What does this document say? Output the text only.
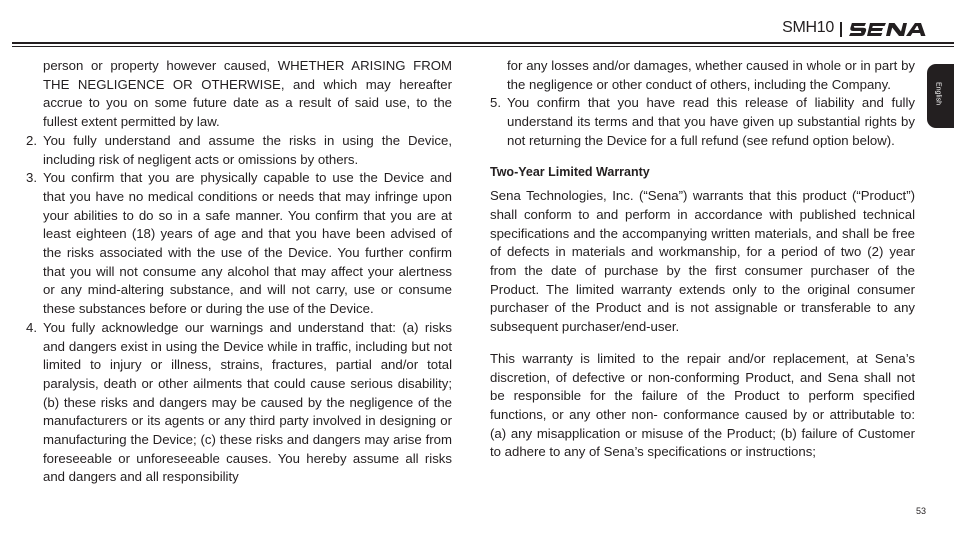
SMH10
English

person or property however caused, WHETHER ARISING FROM THE NEGLIGENCE OR OTHERWISE, and which may hereafter accrue to you on some future date as a result of said use, to the fullest extent permitted by law.

2. You fully understand and assume the risks in using the Device, including risk of negligent acts or omissions by others.
3. You confirm that you are physically capable to use the Device and that you have no medical conditions or needs that may infringe upon your abilities to do so in a safe manner. You confirm that you are at least eighteen (18) years of age and that you have been advised of the risks associated with the use of the Device. You further confirm that you will not consume any alcohol that may affect your alertness or any mind-altering substance, and will not carry, use or consume these substances before or during the use of the Device.
4. You fully acknowledge our warnings and understand that: (a) risks and dangers exist in using the Device while in traffic, including but not limited to injury or illness, strains, fractures, partial and/or total paralysis, death or other ailments that could cause serious disability; (b) these risks and dangers may be caused by the negligence of the manufacturers or its agents or any third party involved in designing or manufacturing the Device; (c) these risks and dangers may arise from foreseeable or unforeseeable causes. You hereby assume all risks and dangers and all responsibility

for any losses and/or damages, whether caused in whole or in part by the negligence or other conduct of others, including the Company.

5. You confirm that you have read this release of liability and fully understand its terms and that you have given up substantial rights by not returning the Device for a full refund (see refund option below).
Two-Year Limited Warranty

Sena Technologies, Inc. (“Sena”) warrants that this product (“Product”) shall conform to and perform in accordance with published technical specifications and the accompanying written materials, and shall be free of defects in materials and workmanship, for a period of two (2) year from the date of purchase by the first consumer purchaser of the Product. The limited warranty extends only to the original consumer purchaser of the Product and is not assignable or transferable to any subsequent purchaser/end-user.

This warranty is limited to the repair and/or replacement, at Sena’s discretion, of defective or non-conforming Product, and Sena shall not be responsible for the failure of the Product to perform specified functions, or any other non- conformance caused by or attributable to: (a) any misapplication or misuse of the Product; (b) failure of Customer to adhere to any of Sena’s specifications or instructions;

53
